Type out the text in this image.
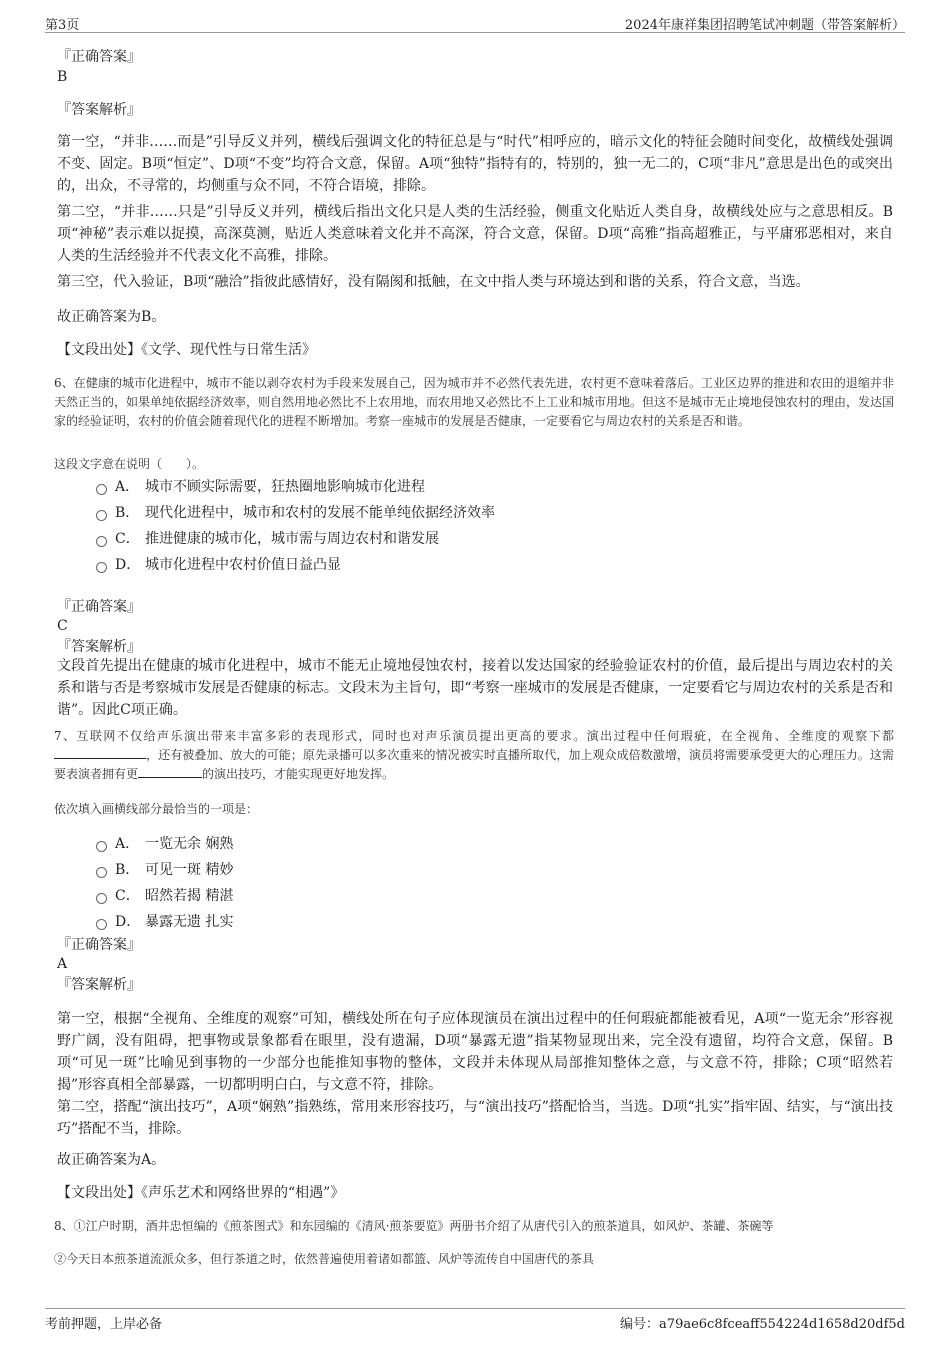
第3页	2024年康祥集团招聘笔试冲刺题（带答案解析）
『正确答案』
B
『答案解析』
第一空，“并非……而是”引导反义并列，横线后强调文化的特征总是与“时代”相呼应的，暗示文化的特征会随时间变化，故横线处强调不变、固定。B项“恒定”、D项“不变”均符合文意，保留。A项“独特”指特有的，特别的，独一无二的，C项“非凡”意思是出色的或突出的，出众，不寻常的，均侧重与众不同，不符合语境，排除。
第二空，“并非……只是”引导反义并列，横线后指出文化只是人类的生活经验，侧重文化贴近人类自身，故横线处应与之意思相反。B项“神秘”表示难以捉摸，高深莫测，贴近人类意味着文化并不高深，符合文意，保留。D项“高雅”指高超雅正，与平庸邪恶相对，来自人类的生活经验并不代表文化不高雅，排除。
第三空，代入验证，B项“融洽”指彼此感情好，没有隔阂和抵触，在文中指人类与环境达到和谐的关系，符合文意，当选。
故正确答案为B。
【文段出处】《文学、现代性与日常生活》
6、在健康的城市化进程中，城市不能以剥夺农村为手段来发展自己，因为城市并不必然代表先进，农村更不意味着落后。工业区边界的推进和农田的退缩并非天然正当的，如果单纯依据经济效率，则自然用地必然比不上农用地，而农用地又必然比不上工业和城市用地。但这不是城市无止境地侵蚀农村的理由，发达国家的经验证明，农村的价值会随着现代化的进程不断增加。考察一座城市的发展是否健康，一定要看它与周边农村的关系是否和谐。
这段文字意在说明（　　）。
A． 城市不顾实际需要，狂热圈地影响城市化进程
B． 现代化进程中，城市和农村的发展不能单纯依据经济效率
C． 推进健康的城市化，城市需与周边农村和谐发展
D． 城市化进程中农村价值日益凸显
『正确答案』
C
『答案解析』
文段首先提出在健康的城市化进程中，城市不能无止境地侵蚀农村，接着以发达国家的经验验证农村的价值，最后提出与周边农村的关系和谐与否是考察城市发展是否健康的标志。文段末为主旨句，即“考察一座城市的发展是否健康，一定要看它与周边农村的关系是否和谐”。因此C项正确。
7、互联网不仅给声乐演出带来丰富多彩的表现形式，同时也对声乐演员提出更高的要求。演出过程中任何瑕疵，在全视角、全维度的观察下都，还有被叠加、放大的可能；原先录播可以多次重来的情况被实时直播所取代，加上观众成倍数激增，演员将需要承受更大的心理压力。这需要表演者拥有更	的演出技巧，才能实现更好地发挥。
依次填入画横线部分最恰当的一项是：
A． 一览无余 娴熟
B． 可见一斑 精妙
C． 昭然若揭 精湛
D． 暴露无遗 扎实
『正确答案』
A
『答案解析』
第一空，根据“全视角、全维度的观察”可知，横线处所在句子应体现演员在演出过程中的任何瑕疵都能被看见，A项“一览无余”形容视野广阔，没有阻碍，把事物或景象都看在眼里，没有遗漏，D项“暴露无遗”指某物显现出来，完全没有遗留，均符合文意，保留。B项“可见一斑”比喻见到事物的一少部分也能推知事物的整体，文段并未体现从局部推知整体之意，与文意不符，排除；C项“昭然若揭”形容真相全部暴露，一切都明明白白，与文意不符，排除。
第二空，搭配“演出技巧”，A项“娴熟”指熟练，常用来形容技巧，与“演出技巧”搭配恰当，当选。D项“扎实”指牢固、结实，与“演出技巧”搭配不当，排除。
故正确答案为A。
【文段出处】《声乐艺术和网络世界的“相遇”》
8、①江户时期，酒井忠恒编的《煎茶图式》和东园编的《清风·煎茶要览》两册书介绍了从唐代引入的煎茶道具，如风炉、茶罐、茶碗等
②今天日本煎茶道流派众多，但行茶道之时，依然普遍使用着诸如都篮、风炉等流传自中国唐代的茶具
考前押题，上岸必备	编号：a79ae6c8fceaff554224d1658d20df5d
